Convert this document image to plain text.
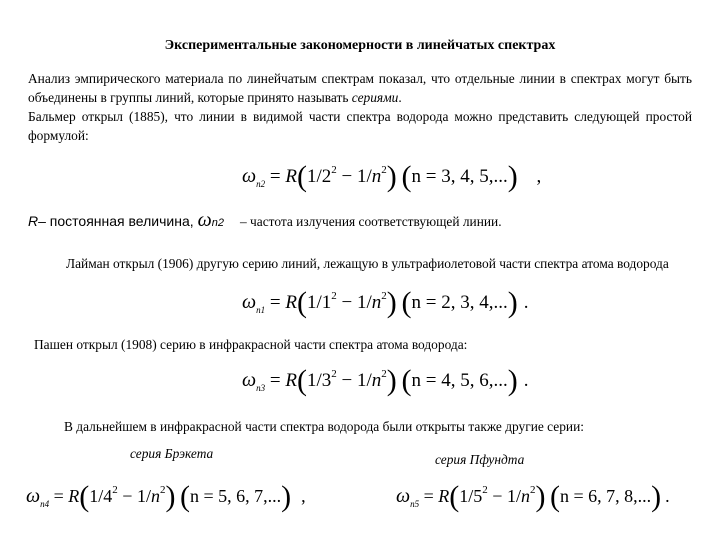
Экспериментальные закономерности в линейчатых спектрах
Анализ эмпирического материала по линейчатым спектрам показал, что отдельные линии в спектрах могут быть объединены в группы линий, которые принято называть сериями.
Бальмер открыл (1885), что линии в видимой части спектра водорода можно представить следующей простой формулой:
$\omega_{n2} = R(1/2^2 - 1/n^2) (n = 3$, 4, 5,...) ,
R– постоянная величина, ωn2 – частота излучения соответствующей линии.
Лайман открыл (1906) другую серию линий, лежащую в ультрафиолетовой части спектра атома водорода
$\omega_{n1} = R(1/1^2 - 1/n^2) (n = 2$, 3, 4,...) .
Пашен открыл (1908) серию в инфракрасной части спектра атома водорода:
$\omega_{n3} = R(1/3^2 - 1/n^2) (n = 4$, 5, 6,...) .
В дальнейшем в инфракрасной части спектра водорода были открыты также другие серии:
серия Брэкета	серия Пфундта
$\omega_{n4} = R(1/4^2 - 1/n^2) (n = 5$, 6, 7,...) ,	$\omega_{n5} = R(1/5^2 - 1/n^2) (n = 6$, 7, 8,...) .
